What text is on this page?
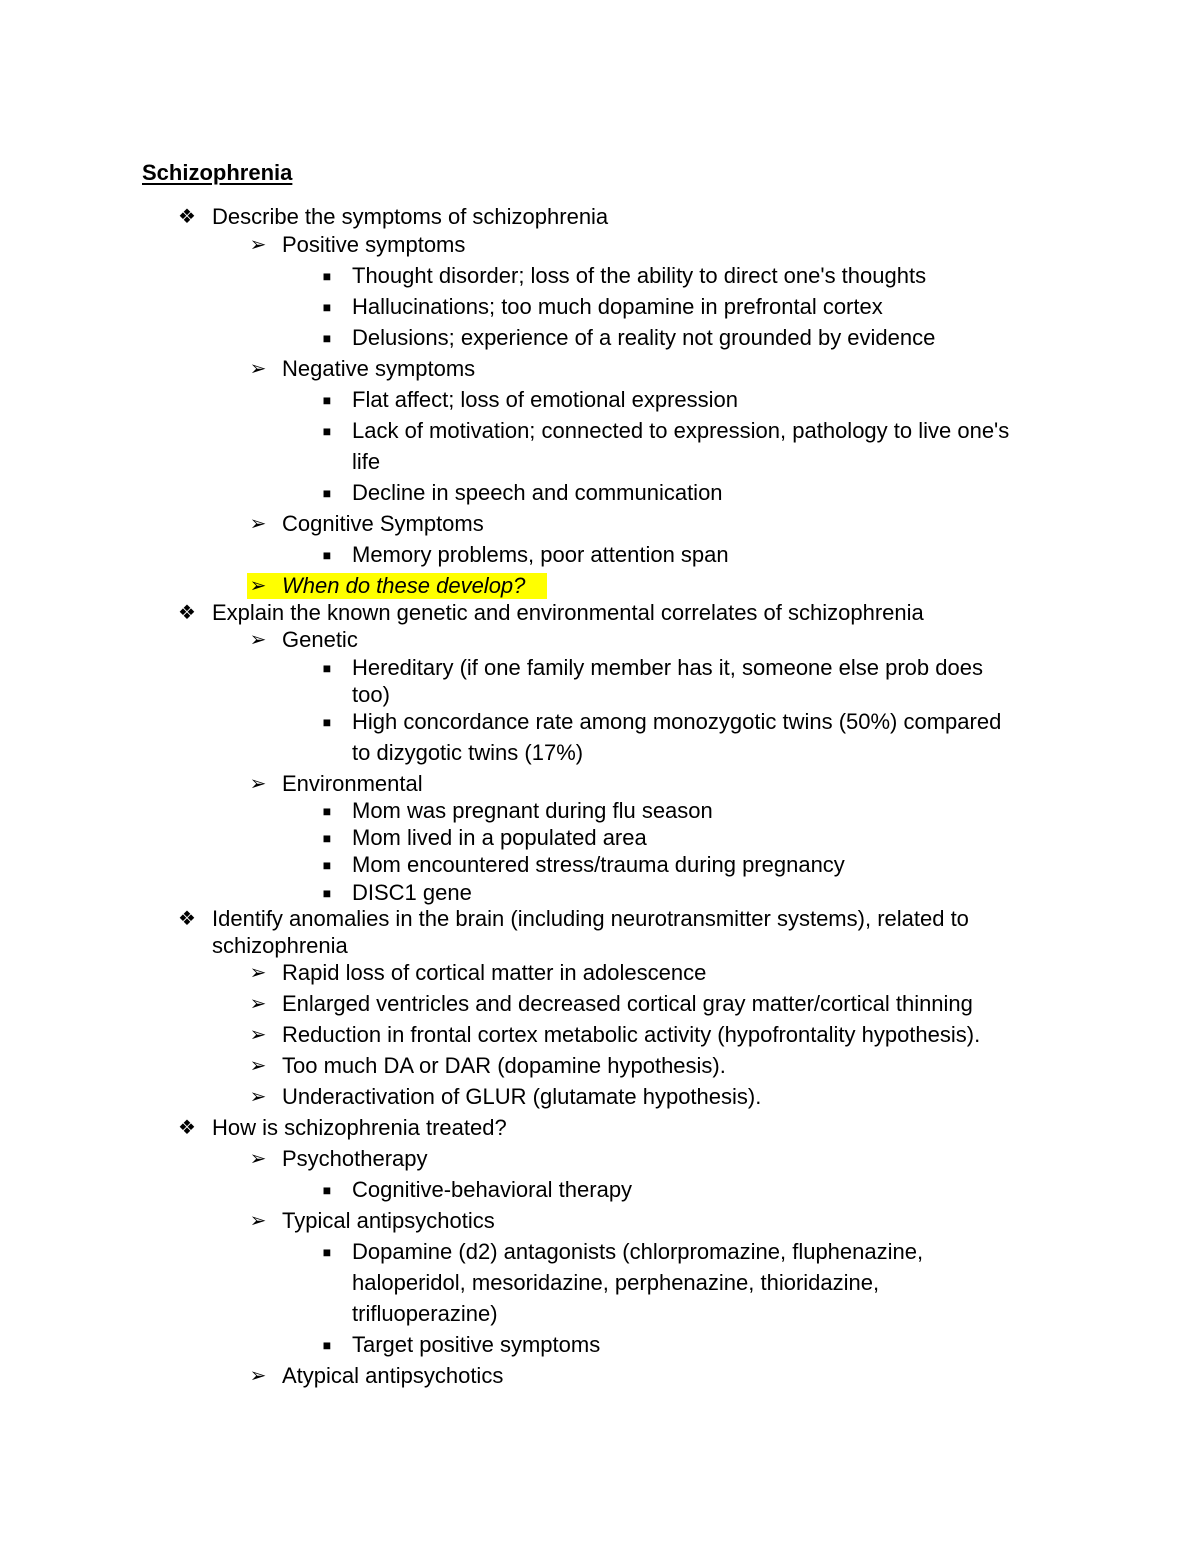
Schizophrenia
❖ Describe the symptoms of schizophrenia
➢ Positive symptoms
■ Thought disorder; loss of the ability to direct one's thoughts
■ Hallucinations; too much dopamine in prefrontal cortex
■ Delusions; experience of a reality not grounded by evidence
➢ Negative symptoms
■ Flat affect; loss of emotional expression
■ Lack of motivation; connected to expression, pathology to live one's
life
■ Decline in speech and communication
➢ Cognitive Symptoms
■ Memory problems, poor attention span
➢ When do these develop?
❖ Explain the known genetic and environmental correlates of schizophrenia
➢ Genetic
■ Hereditary (if one family member has it, someone else prob does
too)
■ High concordance rate among monozygotic twins (50%) compared
to dizygotic twins (17%)
➢ Environmental
■ Mom was pregnant during flu season
■ Mom lived in a populated area
■ Mom encountered stress/trauma during pregnancy
■ DISC1 gene
❖ Identify anomalies in the brain (including neurotransmitter systems), related to
schizophrenia
➢ Rapid loss of cortical matter in adolescence
➢ Enlarged ventricles and decreased cortical gray matter/cortical thinning
➢ Reduction in frontal cortex metabolic activity (hypofrontality hypothesis).
➢ Too much DA or DAR (dopamine hypothesis).
➢ Underactivation of GLUR (glutamate hypothesis).
❖ How is schizophrenia treated?
➢ Psychotherapy
■ Cognitive-behavioral therapy
➢ Typical antipsychotics
■ Dopamine (d2) antagonists (chlorpromazine, fluphenazine,
haloperidol, mesoridazine, perphenazine, thioridazine,
trifluoperazine)
■ Target positive symptoms
➢ Atypical antipsychotics
